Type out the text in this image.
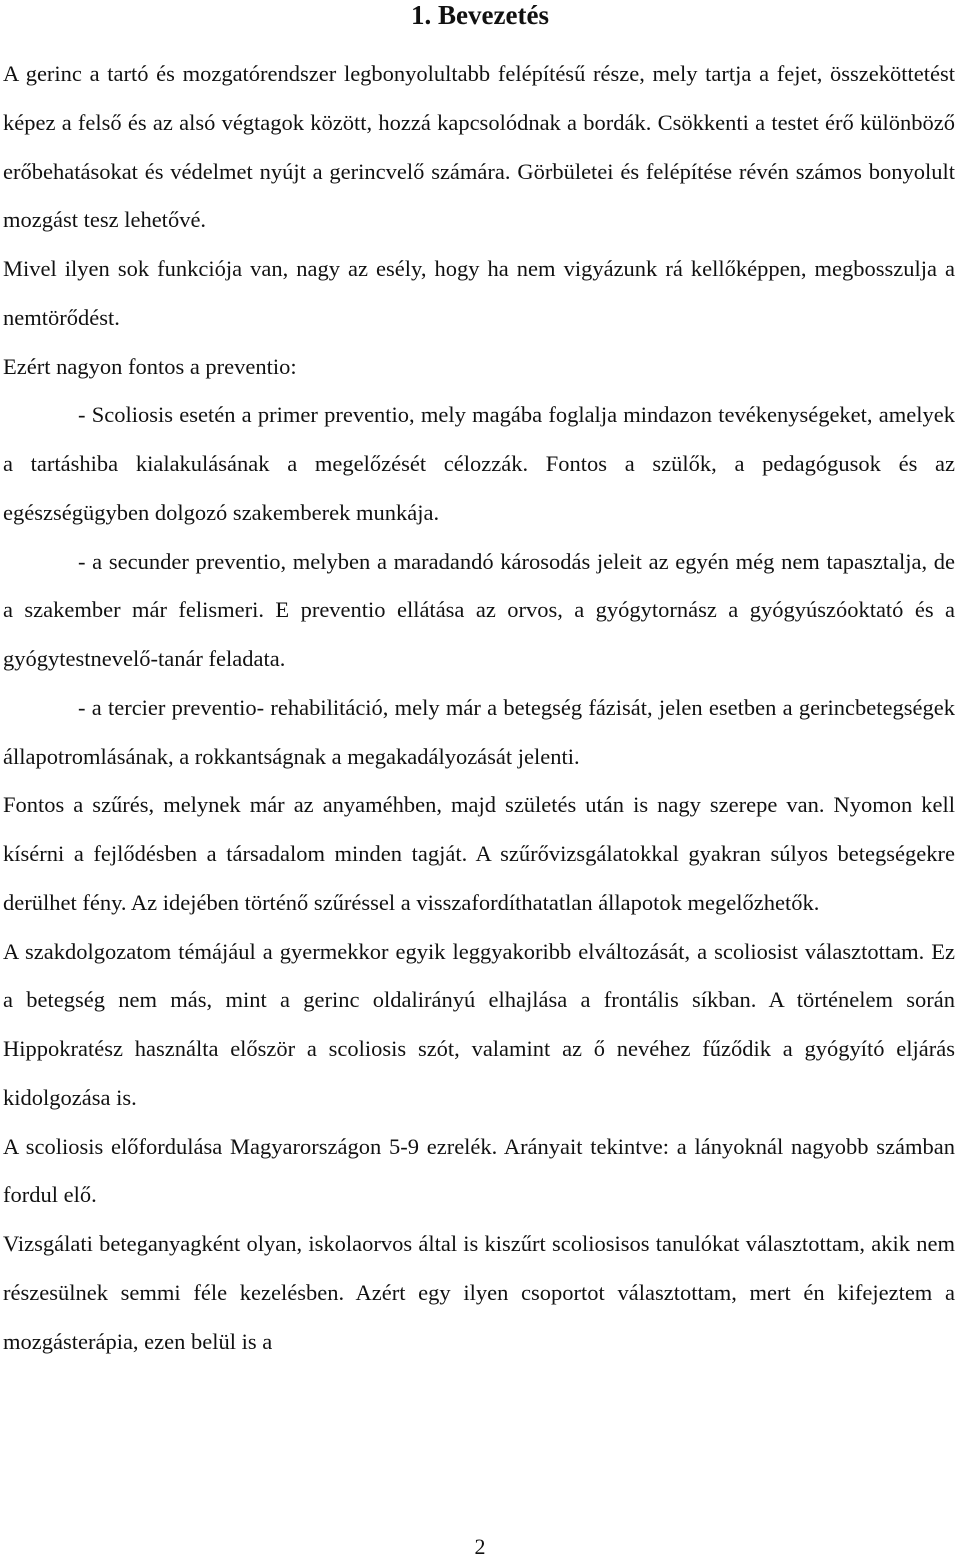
1. Bevezetés

A gerinc a tartó és mozgatórendszer legbonyolultabb felépítésű része, mely tartja a fejet, összeköttetést képez a felső és az alsó végtagok között, hozzá kapcsolódnak a bordák. Csökkenti a testet érő különböző erőbehatásokat és védelmet nyújt a gerincvelő számára. Görbületei és felépítése révén számos bonyolult mozgást tesz lehetővé.

Mivel ilyen sok funkciója van, nagy az esély, hogy ha nem vigyázunk rá kellőképpen, megbosszulja a nemtörődést.

Ezért nagyon fontos a preventio:

- Scoliosis esetén a primer preventio, mely magába foglalja mindazon tevékenységeket, amelyek a tartáshiba kialakulásának a megelőzését célozzák. Fontos a szülők, a pedagógusok és az egészségügyben dolgozó szakemberek munkája.

- a secunder preventio, melyben a maradandó károsodás jeleit az egyén még nem tapasztalja, de a szakember már felismeri. E preventio ellátása az orvos, a gyógytornász a gyógyúszóoktató és a gyógytestnevelő-tanár feladata.

- a tercier preventio- rehabilitáció, mely már a betegség fázisát, jelen esetben a gerincbetegségek állapotromlásának, a rokkantságnak a megakadályozását jelenti.

Fontos a szűrés, melynek már az anyaméhben, majd születés után is nagy szerepe van. Nyomon kell kísérni a fejlődésben a társadalom minden tagját. A szűrővizsgálatokkal gyakran súlyos betegségekre derülhet fény. Az idejében történő szűréssel a visszafordíthatatlan állapotok megelőzhetők.

A szakdolgozatom témájául a gyermekkor egyik leggyakoribb elváltozását, a scoliosist választottam. Ez a betegség nem más, mint a gerinc oldalirányú elhajlása a frontális síkban. A történelem során Hippokratész használta először a scoliosis szót, valamint az ő nevéhez fűződik a gyógyító eljárás kidolgozása is.

A scoliosis előfordulása Magyarországon 5-9 ezrelék. Arányait tekintve: a lányoknál nagyobb számban fordul elő.

Vizsgálati beteganyagként olyan, iskolaorvos által is kiszűrt scoliosisos tanulókat választottam, akik nem részesülnek semmi féle kezelésben. Azért egy ilyen csoportot választottam, mert én kifejeztem a mozgásterápia, ezen belül is a

2
